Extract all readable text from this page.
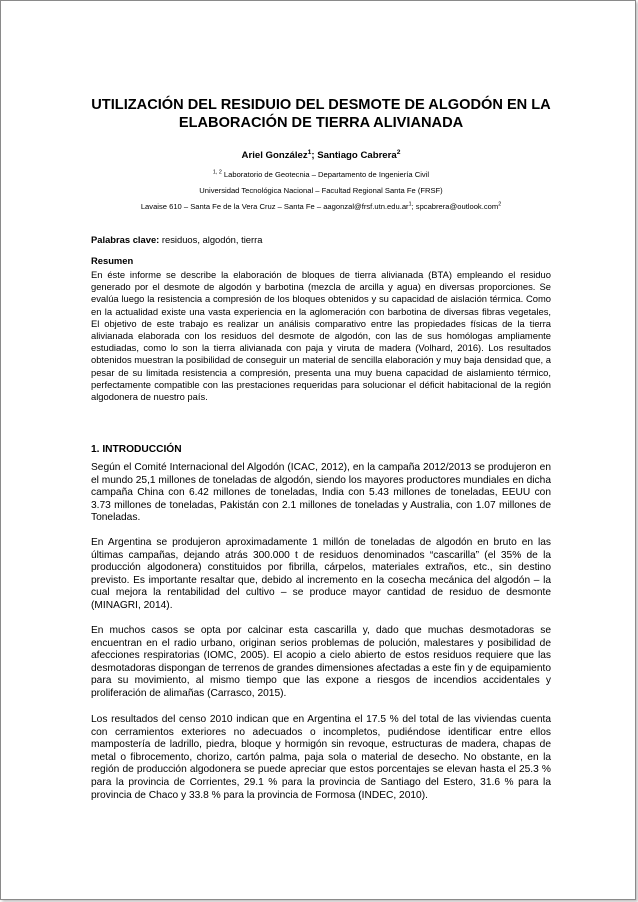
UTILIZACIÓN DEL RESIDUIO DEL DESMOTE DE ALGODÓN EN LA ELABORACIÓN DE TIERRA ALIVIANADA

Ariel González$^1$; Santiago Cabrera$^2$

$^{1, 2}$ Laboratorio de Geotecnia – Departamento de Ingeniería Civil

Universidad Tecnológica Nacional – Facultad Regional Santa Fe (FRSF)

Lavaise 610 – Santa Fe de la Vera Cruz – Santa Fe – $aagonzal@frsf.utn.edu.ar^1$; spcabrera@outlook.com$^2$

Palabras clave: residuos, algodón, tierra

Resumen

En éste informe se describe la elaboración de bloques de tierra alivianada (BTA) empleando el residuo generado por el desmote de algodón y barbotina (mezcla de arcilla y agua) en diversas proporciones. Se evalúa luego la resistencia a compresión de los bloques obtenidos y su capacidad de aislación térmica. Como en la actualidad existe una vasta experiencia en la aglomeración con barbotina de diversas fibras vegetales, El objetivo de este trabajo es realizar un análisis comparativo entre las propiedades físicas de la tierra alivianada elaborada con los residuos del desmote de algodón, con las de sus homólogas ampliamente estudiadas, como lo son la tierra alivianada con paja y viruta de madera (Volhard, 2016). Los resultados obtenidos muestran la posibilidad de conseguir un material de sencilla elaboración y muy baja densidad que, a pesar de su limitada resistencia a compresión, presenta una muy buena capacidad de aislamiento térmico, perfectamente compatible con las prestaciones requeridas para solucionar el déficit habitacional de la región algodonera de nuestro país.

1. INTRODUCCIÓN

Según el Comité Internacional del Algodón (ICAC, 2012), en la campaña 2012/2013 se produjeron en el mundo 25,1 millones de toneladas de algodón, siendo los mayores productores mundiales en dicha campaña China con 6.42 millones de toneladas, India con 5.43 millones de toneladas, EEUU con 3.73 millones de toneladas, Pakistán con 2.1 millones de toneladas y Australia, con 1.07 millones de Toneladas.

En Argentina se produjeron aproximadamente 1 millón de toneladas de algodón en bruto en las últimas campañas, dejando atrás 300.000 t de residuos denominados “cascarilla” (el 35% de la producción algodonera) constituidos por fibrilla, cárpelos, materiales extraños, etc., sin destino previsto. Es importante resaltar que, debido al incremento en la cosecha mecánica del algodón – la cual mejora la rentabilidad del cultivo – se produce mayor cantidad de residuo de desmonte (MINAGRI, 2014).

En muchos casos se opta por calcinar esta cascarilla y, dado que muchas desmotadoras se encuentran en el radio urbano, originan serios problemas de polución, malestares y posibilidad de afecciones respiratorias (IOMC, 2005). El acopio a cielo abierto de estos residuos requiere que las desmotadoras dispongan de terrenos de grandes dimensiones afectadas a este fin y de equipamiento para su movimiento, al mismo tiempo que las expone a riesgos de incendios accidentales y proliferación de alimañas (Carrasco, 2015).

Los resultados del censo 2010 indican que en Argentina el 17.5 % del total de las viviendas cuenta con cerramientos exteriores no adecuados o incompletos, pudiéndose identificar entre ellos mampostería de ladrillo, piedra, bloque y hormigón sin revoque, estructuras de madera, chapas de metal o fibrocemento, chorizo, cartón palma, paja sola o material de desecho. No obstante, en la región de producción algodonera se puede apreciar que estos porcentajes se elevan hasta el 25.3 % para la provincia de Corrientes, 29.1 % para la provincia de Santiago del Estero, 31.6 % para la provincia de Chaco y 33.8 % para la provincia de Formosa (INDEC, 2010).
